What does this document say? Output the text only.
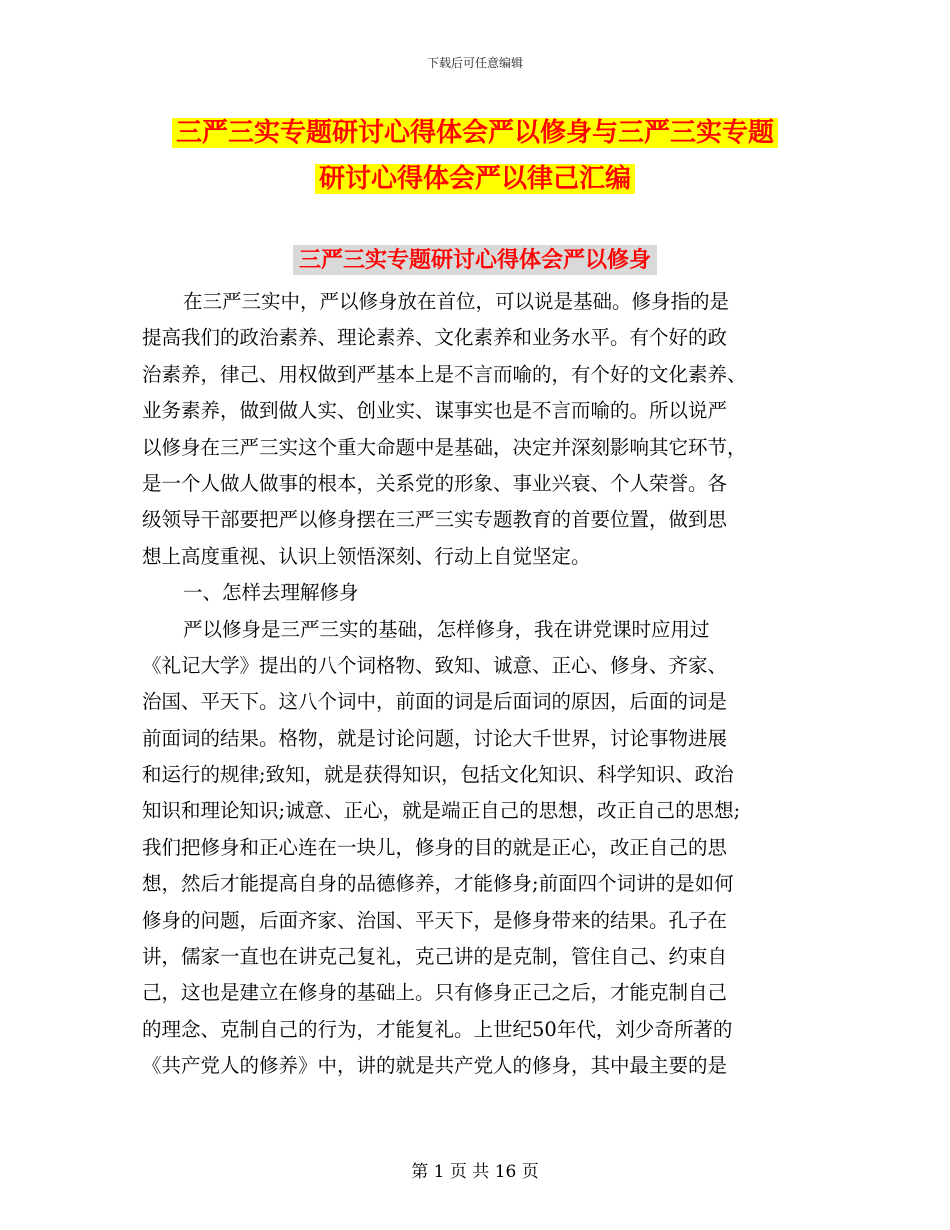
下载后可任意编辑
三严三实专题研讨心得体会严以修身与三严三实专题
研讨心得体会严以律己汇编
三严三实专题研讨心得体会严以修身
在三严三实中，严以修身放在首位，可以说是基础。修身指的是
提高我们的政治素养、理论素养、文化素养和业务水平。有个好的政
治素养，律己、用权做到严基本上是不言而喻的，有个好的文化素养、
业务素养，做到做人实、创业实、谋事实也是不言而喻的。所以说严
以修身在三严三实这个重大命题中是基础，决定并深刻影响其它环节，
是一个人做人做事的根本，关系党的形象、事业兴衰、个人荣誉。各
级领导干部要把严以修身摆在三严三实专题教育的首要位置，做到思
想上高度重视、认识上领悟深刻、行动上自觉坚定。
一、怎样去理解修身
严以修身是三严三实的基础，怎样修身，我在讲党课时应用过
《礼记大学》提出的八个词格物、致知、诚意、正心、修身、齐家、
治国、平天下。这八个词中，前面的词是后面词的原因，后面的词是
前面词的结果。格物，就是讨论问题，讨论大千世界，讨论事物进展
和运行的规律;致知，就是获得知识，包括文化知识、科学知识、政治
知识和理论知识;诚意、正心，就是端正自己的思想，改正自己的思想;
我们把修身和正心连在一块儿，修身的目的就是正心，改正自己的思
想，然后才能提高自身的品德修养，才能修身;前面四个词讲的是如何
修身的问题，后面齐家、治国、平天下，是修身带来的结果。孔子在
讲，儒家一直也在讲克己复礼，克己讲的是克制，管住自己、约束自
己，这也是建立在修身的基础上。只有修身正己之后，才能克制自己
的理念、克制自己的行为，才能复礼。上世纪50年代，刘少奇所著的
《共产党人的修养》中，讲的就是共产党人的修身，其中最主要的是
第 1 页 共 16 页
